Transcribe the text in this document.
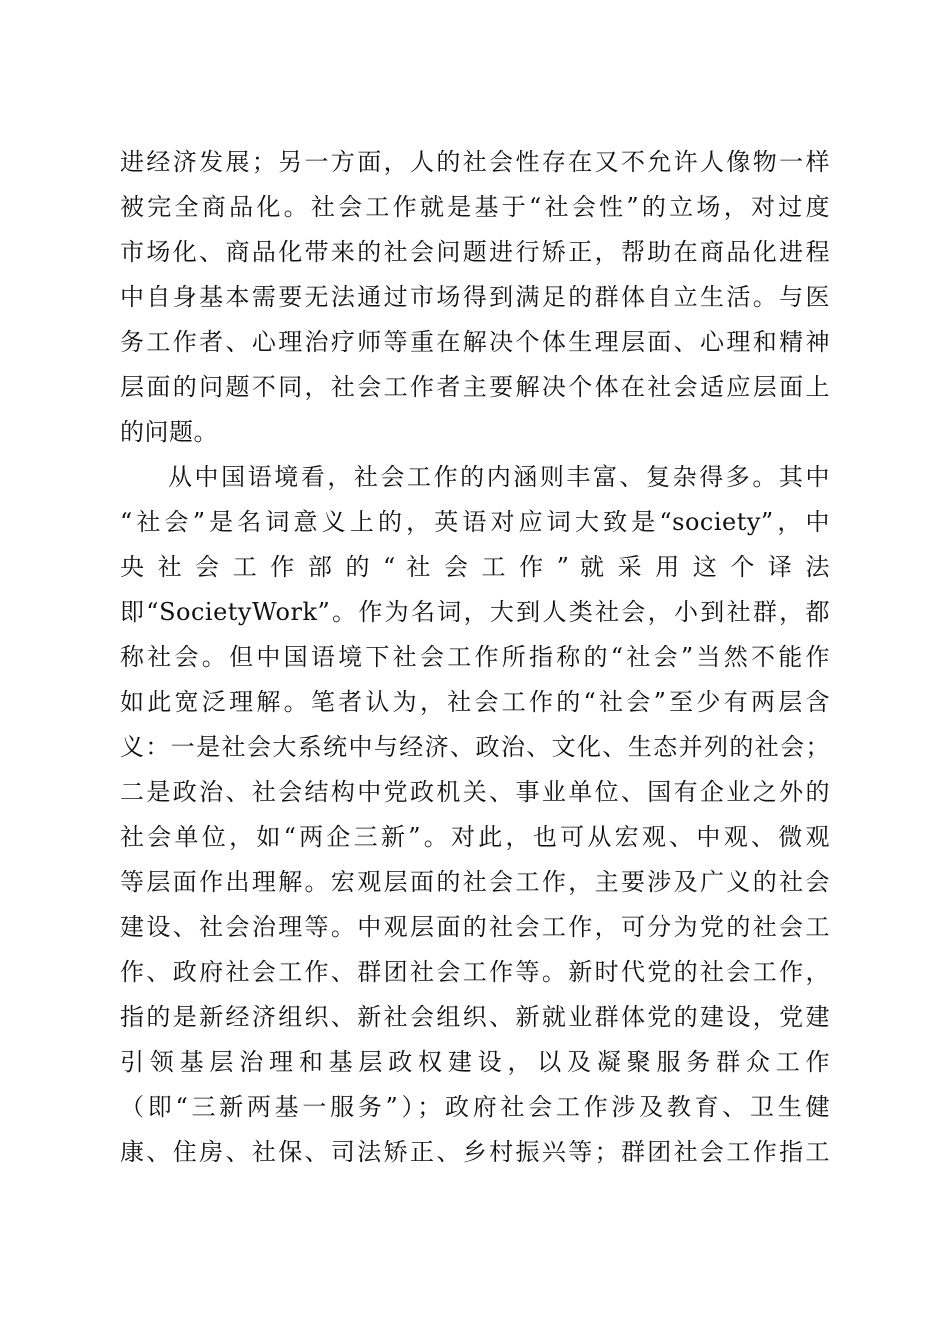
进经济发展；另一方面，人的社会性存在又不允许人像物一样
被完全商品化。社会工作就是基于“社会性”的立场，对过度
市场化、商品化带来的社会问题进行矫正，帮助在商品化进程
中自身基本需要无法通过市场得到满足的群体自立生活。与医
务工作者、心理治疗师等重在解决个体生理层面、心理和精神
层面的问题不同，社会工作者主要解决个体在社会适应层面上
的问题。
从中国语境看，社会工作的内涵则丰富、复杂得多。其中
“社会”是名词意义上的，英语对应词大致是“society”，中
央 社 会 工 作 部 的 “ 社 会 工 作 ” 就 采 用 这 个 译 法
即“SocietyWork”。作为名词，大到人类社会，小到社群，都
称社会。但中国语境下社会工作所指称的“社会”当然不能作
如此宽泛理解。笔者认为，社会工作的“社会”至少有两层含
义：一是社会大系统中与经济、政治、文化、生态并列的社会；
二是政治、社会结构中党政机关、事业单位、国有企业之外的
社会单位，如“两企三新”。对此，也可从宏观、中观、微观
等层面作出理解。宏观层面的社会工作，主要涉及广义的社会
建设、社会治理等。中观层面的社会工作，可分为党的社会工
作、政府社会工作、群团社会工作等。新时代党的社会工作，
指的是新经济组织、新社会组织、新就业群体党的建设，党建
引领基层治理和基层政权建设，以及凝聚服务群众工作
（即“三新两基一服务”）；政府社会工作涉及教育、卫生健
康、住房、社保、司法矫正、乡村振兴等；群团社会工作指工
